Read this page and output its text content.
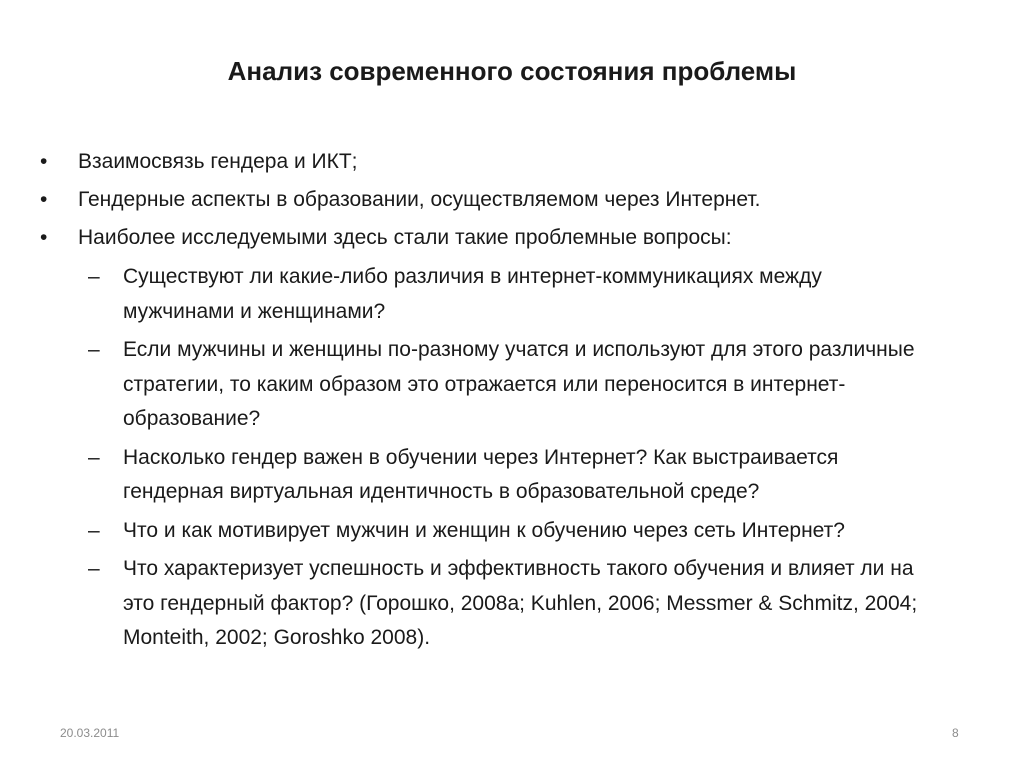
Анализ современного состояния проблемы
•	Взаимосвязь гендера и ИКТ;
•	Гендерные аспекты в образовании, осуществляемом через Интернет.
•	Наиболее исследуемыми здесь стали такие проблемные вопросы:
–	Существуют ли какие-либо различия в интернет-коммуникациях между мужчинами и женщинами?
–	Если мужчины и женщины по-разному учатся и используют для этого различные стратегии, то каким образом это отражается или переносится в интернет-образование?
–	Насколько гендер важен в обучении через Интернет? Как выстраивается гендерная виртуальная идентичность в образовательной среде?
–	Что и как мотивирует мужчин и женщин к обучению через сеть Интернет?
–	Что характеризует успешность и эффективность такого обучения и влияет ли на это гендерный фактор? (Горошко, 2008а; Kuhlen, 2006; Messmer & Schmitz, 2004; Monteith, 2002; Goroshko 2008).
20.03.2011	8
